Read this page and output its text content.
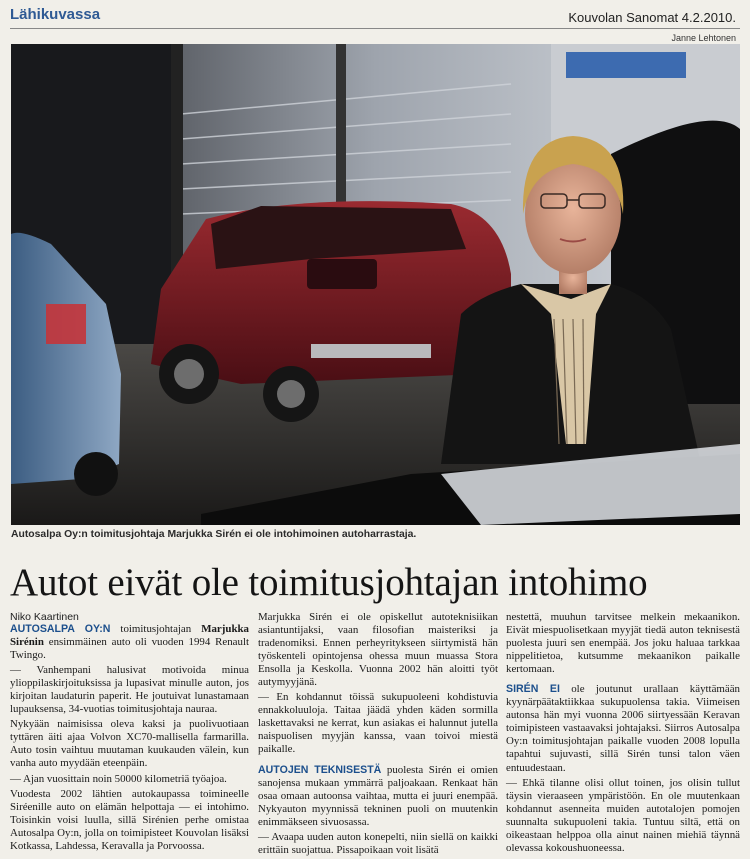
Lähikuvassa	Kouvolan Sanomat 4.2.2010.
Janne Lehtonen
Autosalpa Oy:n toimitusjohtaja Marjukka Sirén ei ole intohimoinen autoharrastaja.
Autot eivät ole toimitusjohtajan intohimo
Niko Kaartinen

AUTOSALPA OY:N toimitusjohtajan Marjukka Sirénin ensimmäinen auto oli vuoden 1994 Renault Twingo.

— Vanhempani halusivat motivoida minua ylioppilaskirjoituksissa ja lupasivat minulle auton, jos kirjoitan laudaturin paperit. He joutuivat lunastamaan lupauksensa, 34-vuotias toimitusjohtaja nauraa.

Nykyään naimisissa oleva kaksi ja puolivuotiaan tyttären äiti ajaa Volvon XC70-mallisella farmarilla. Auto tosin vaihtuu muutaman kuukauden välein, kun vanha auto myydään eteenpäin.

— Ajan vuosittain noin 50000 kilometriä työajoa.

Vuodesta 2002 lähtien autokaupassa toimineelle Siréenille auto on elämän helpottaja — ei intohimo. Toisinkin voisi luulla, sillä Sirénien perhe omistaa Autosalpa Oy:n, jolla on toimipisteet Kouvolan lisäksi Kotkassa, Lahdessa, Keravalla ja Porvoossa.

Marjukka Sirén ei ole opiskellut autoteknisiikan asiantuntijaksi, vaan filosofian maisteriksi ja tradenomiksi. Ennen perheyritykseen siirtymistä hän työskenteli opintojensa ohessa muun muassa Stora Ensolla ja Keskolla. Vuonna 2002 hän aloitti työt autymyyjänä.

— En kohdannut töissä sukupuoleeni kohdistuvia ennakkoluuloja. Taitaa jäädä yhden käden sormilla laskettavaksi ne kerrat, kun asiakas ei halunnut jutella naispuolisen myyjän kanssa, vaan toivoi miestä paikalle.

AUTOJEN TEKNISESTÄ puolesta Sirén ei omien sanojensa mukaan ymmärrä paljoakaan. Renkaat hän osaa omaan autoonsa vaihtaa, mutta ei juuri enempää. Nykyauton myynnissä tekninen puoli on muutenkin enimmäkseen sivuosassa.

— Avaapa uuden auton konepelti, niin siellä on kaikki erittäin suojattua. Pissapoikaan voit lisätä

nestettä, muuhun tarvitsee melkein mekaanikon. Eivät miespuolisetkaan myyjät tiedä auton teknisestä puolesta juuri sen enempää. Jos joku haluaa tarkkaa nippelitietoa, kutsumme mekaanikon paikalle kertomaan.

SIRÉN EI ole joutunut urallaan käyttämään kyynärpäätaktiikkaa sukupuolensa takia. Viimeisen autonsa hän myi vuonna 2006 siirtyessään Keravan toimipisteen vastaavaksi johtajaksi. Siirros Autosalpa Oy:n toimitusjohtajan paikalle vuoden 2008 lopulla tapahtui sujuvasti, sillä Sirén tunsi talon väen entuudestaan.

— Ehkä tilanne olisi ollut toinen, jos olisin tullut täysin vieraaseen ympäristöön. En ole muutenkaan kohdannut asenneita muiden autotalojen pomojen suunnalta sukupuoleni takia. Tuntuu siltä, että on oikeastaan helppoa olla ainut nainen miehiä täynnä olevassa kokoushuoneessa.
